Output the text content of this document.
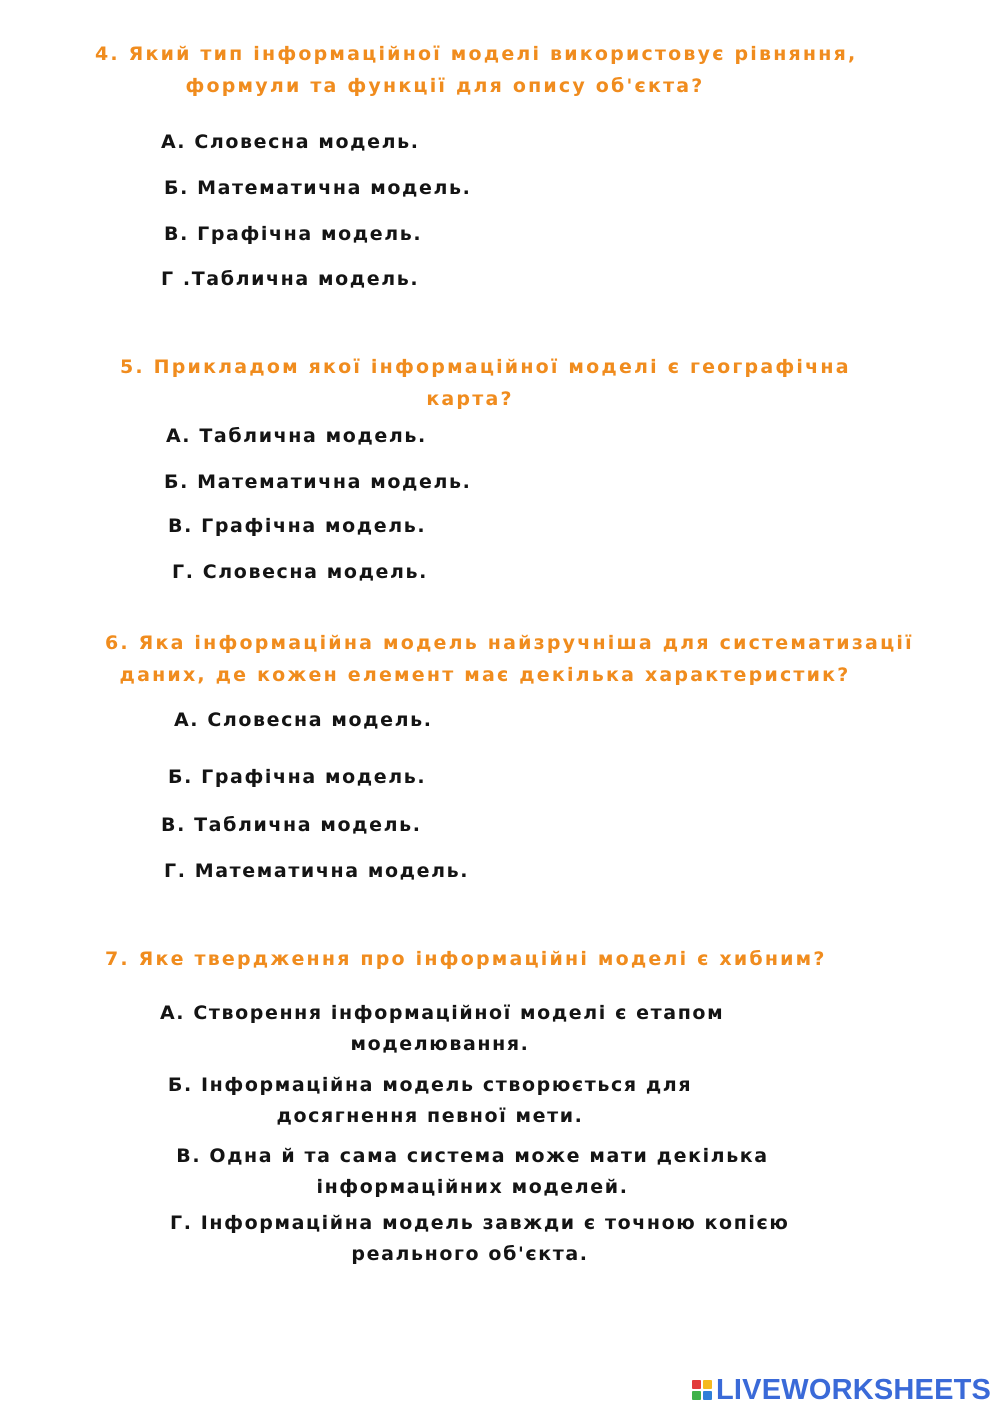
4. Який тип інформаційної моделі використовує рівняння,
формули та функції для опису об'єкта?
А. Словесна модель.
Б. Математична модель.
В. Графічна модель.
Г .Таблична модель.
5. Прикладом якої інформаційної моделі є географічна
карта?
А. Таблична модель.
Б. Математична модель.
В. Графічна модель.
Г. Словесна модель.
6. Яка інформаційна модель найзручніша для систематизації
даних, де кожен елемент має декілька характеристик?
А. Словесна модель.
Б. Графічна модель.
В. Таблична модель.
Г. Математична модель.
7. Яке твердження про інформаційні моделі є хибним?
А. Створення інформаційної моделі є етапом
моделювання.
Б. Інформаційна модель створюється для
досягнення певної мети.
В. Одна й та сама система може мати декілька
інформаційних моделей.
Г. Інформаційна модель завжди є точною копією
реального об'єкта.
LIVEWORKSHEETS
